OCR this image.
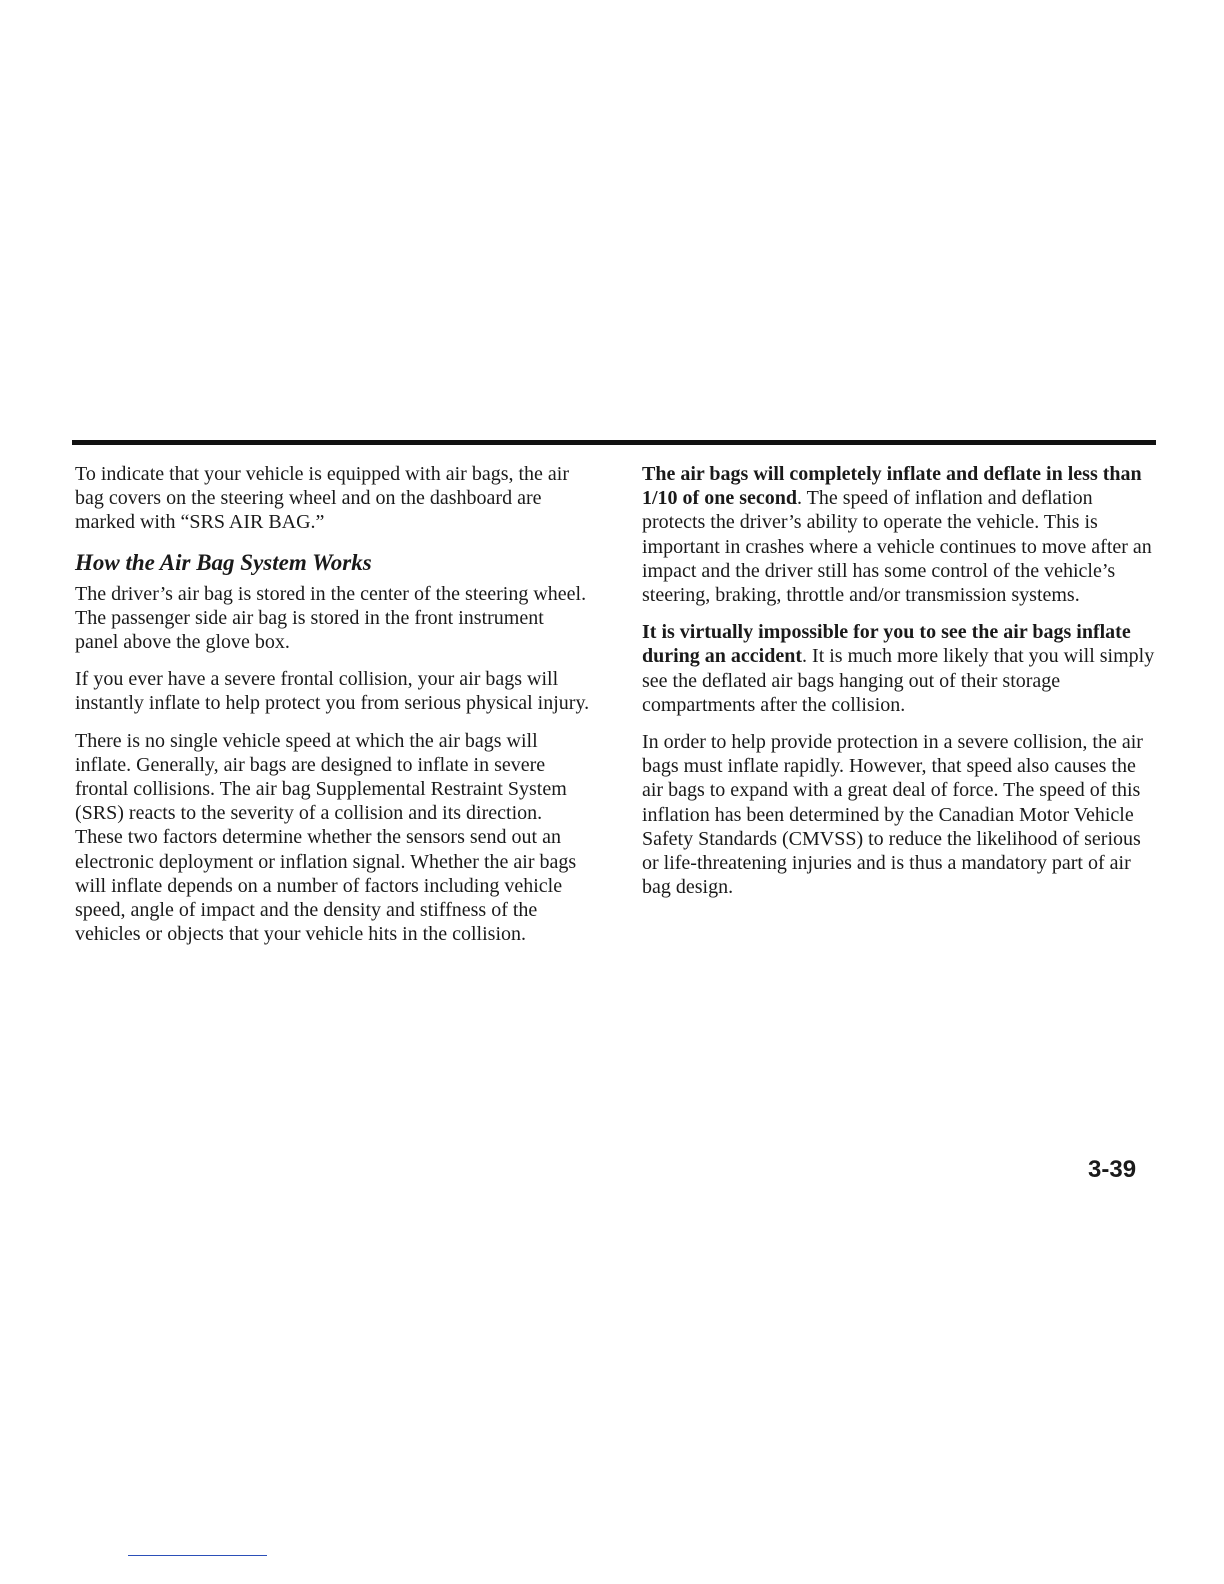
To indicate that your vehicle is equipped with air bags, the air bag covers on the steering wheel and on the dashboard are marked with “SRS AIR BAG.”

How the Air Bag System Works

The driver’s air bag is stored in the center of the steering wheel. The passenger side air bag is stored in the front instrument panel above the glove box.

If you ever have a severe frontal collision, your air bags will instantly inflate to help protect you from serious physical injury.

There is no single vehicle speed at which the air bags will inflate. Generally, air bags are designed to inflate in severe frontal collisions. The air bag Supplemental Restraint System (SRS) reacts to the severity of a collision and its direction. These two factors determine whether the sensors send out an electronic deployment or inflation signal. Whether the air bags will inflate depends on a number of factors including vehicle speed, angle of impact and the density and stiffness of the vehicles or objects that your vehicle hits in the collision.

The air bags will completely inflate and deflate in less than 1/10 of one second. The speed of inflation and deflation protects the driver’s ability to operate the vehicle. This is important in crashes where a vehicle continues to move after an impact and the driver still has some control of the vehicle’s steering, braking, throttle and/or transmission systems.

It is virtually impossible for you to see the air bags inflate during an accident. It is much more likely that you will simply see the deflated air bags hanging out of their storage compartments after the collision.

In order to help provide protection in a severe collision, the air bags must inflate rapidly. However, that speed also causes the air bags to expand with a great deal of force. The speed of this inflation has been determined by the Canadian Motor Vehicle Safety Standards (CMVSS) to reduce the likelihood of serious or life-threatening injuries and is thus a mandatory part of air bag design.

3-39
